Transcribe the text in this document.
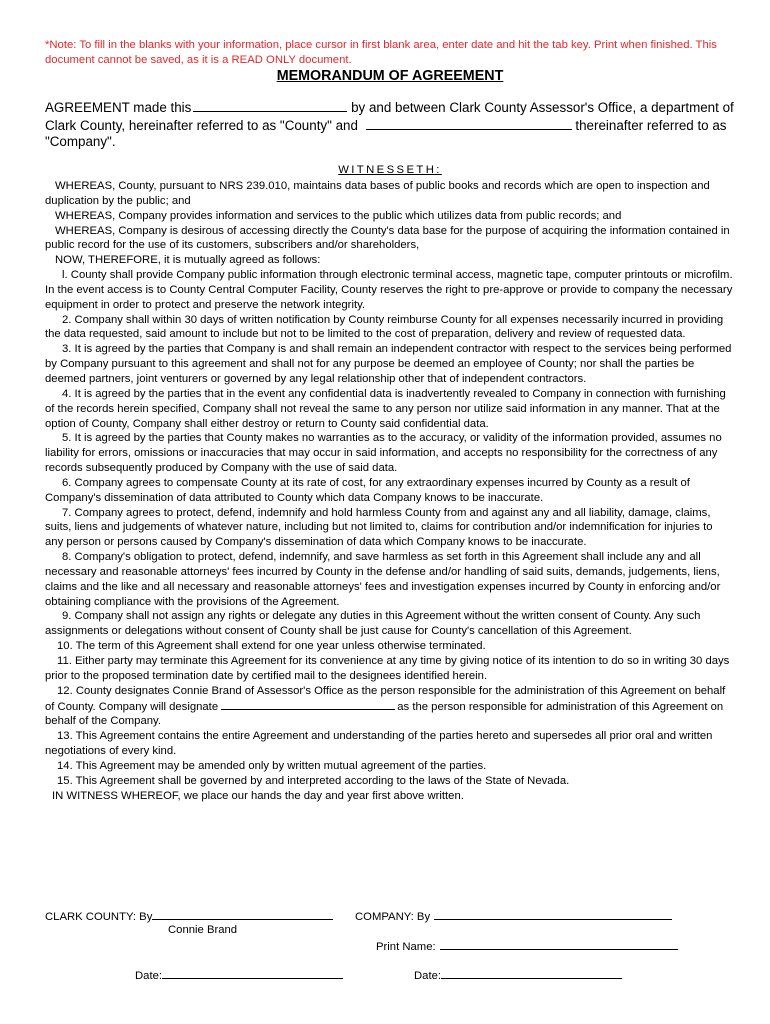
*Note: To fill in the blanks with your information, place cursor in first blank area, enter date and hit the tab key. Print when finished. This document cannot be saved, as it is a READ ONLY document.
MEMORANDUM OF AGREEMENT
AGREEMENT made this	by and between Clark County Assessor's Office, a department of Clark County, hereinafter referred to as "County" and	thereinafter referred to as "Company".
WITNESSETH:

WHEREAS, County, pursuant to NRS 239.010, maintains data bases of public books and records which are open to inspection and duplication by the public; and

WHEREAS, Company provides information and services to the public which utilizes data from public records; and

WHEREAS, Company is desirous of accessing directly the County's data base for the purpose of acquiring the information contained in public record for the use of its customers, subscribers and/or shareholders,

NOW, THEREFORE, it is mutually agreed as follows:

l. County shall provide Company public information through electronic terminal access, magnetic tape, computer printouts or microfilm. In the event access is to County Central Computer Facility, County reserves the right to pre-approve or provide to company the necessary equipment in order to protect and preserve the network integrity.

2. Company shall within 30 days of written notification by County reimburse County for all expenses necessarily incurred in providing the data requested, said amount to include but not to be limited to the cost of preparation, delivery and review of requested data.

3. It is agreed by the parties that Company is and shall remain an independent contractor with respect to the services being performed by Company pursuant to this agreement and shall not for any purpose be deemed an employee of County; nor shall the parties be deemed partners, joint venturers or governed by any legal relationship other that of independent contractors.

4. It is agreed by the parties that in the event any confidential data is inadvertently revealed to Company in connection with furnishing of the records herein specified, Company shall not reveal the same to any person nor utilize said information in any manner. That at the option of County, Company shall either destroy or return to County said confidential data.

5. It is agreed by the parties that County makes no warranties as to the accuracy, or validity of the information provided, assumes no liability for errors, omissions or inaccuracies that may occur in said information, and accepts no responsibility for the correctness of any records subsequently produced by Company with the use of said data.

6. Company agrees to compensate County at its rate of cost, for any extraordinary expenses incurred by County as a result of Company's dissemination of data attributed to County which data Company knows to be inaccurate.

7. Company agrees to protect, defend, indemnify and hold harmless County from and against any and all liability, damage, claims, suits, liens and judgements of whatever nature, including but not limited to, claims for contribution and/or indemnification for injuries to any person or persons caused by Company's dissemination of data which Company knows to be inaccurate.

8. Company's obligation to protect, defend, indemnify, and save harmless as set forth in this Agreement shall include any and all necessary and reasonable attorneys' fees incurred by County in the defense and/or handling of said suits, demands, judgements, liens, claims and the like and all necessary and reasonable attorneys' fees and investigation expenses incurred by County in enforcing and/or obtaining compliance with the provisions of the Agreement.

9. Company shall not assign any rights or delegate any duties in this Agreement without the written consent of County. Any such assignments or delegations without consent of County shall be just cause for County's cancellation of this Agreement.

10. The term of this Agreement shall extend for one year unless otherwise terminated.

11. Either party may terminate this Agreement for its convenience at any time by giving notice of its intention to do so in writing 30 days prior to the proposed termination date by certified mail to the designees identified herein.

12. County designates Connie Brand of Assessor's Office as the person responsible for the administration of this Agreement on behalf of County. Company will designate	as the person responsible for administration of this Agreement on behalf of the Company.

13. This Agreement contains the entire Agreement and understanding of the parties hereto and supersedes all prior oral and written negotiations of every kind.

14. This Agreement may be amended only by written mutual agreement of the parties.

15. This Agreement shall be governed by and interpreted according to the laws of the State of Nevada.

IN WITNESS WHEREOF, we place our hands the day and year first above written.

CLARK COUNTY: By	COMPANY: By
Connie Brand
Print Name:
Date:	Date:
